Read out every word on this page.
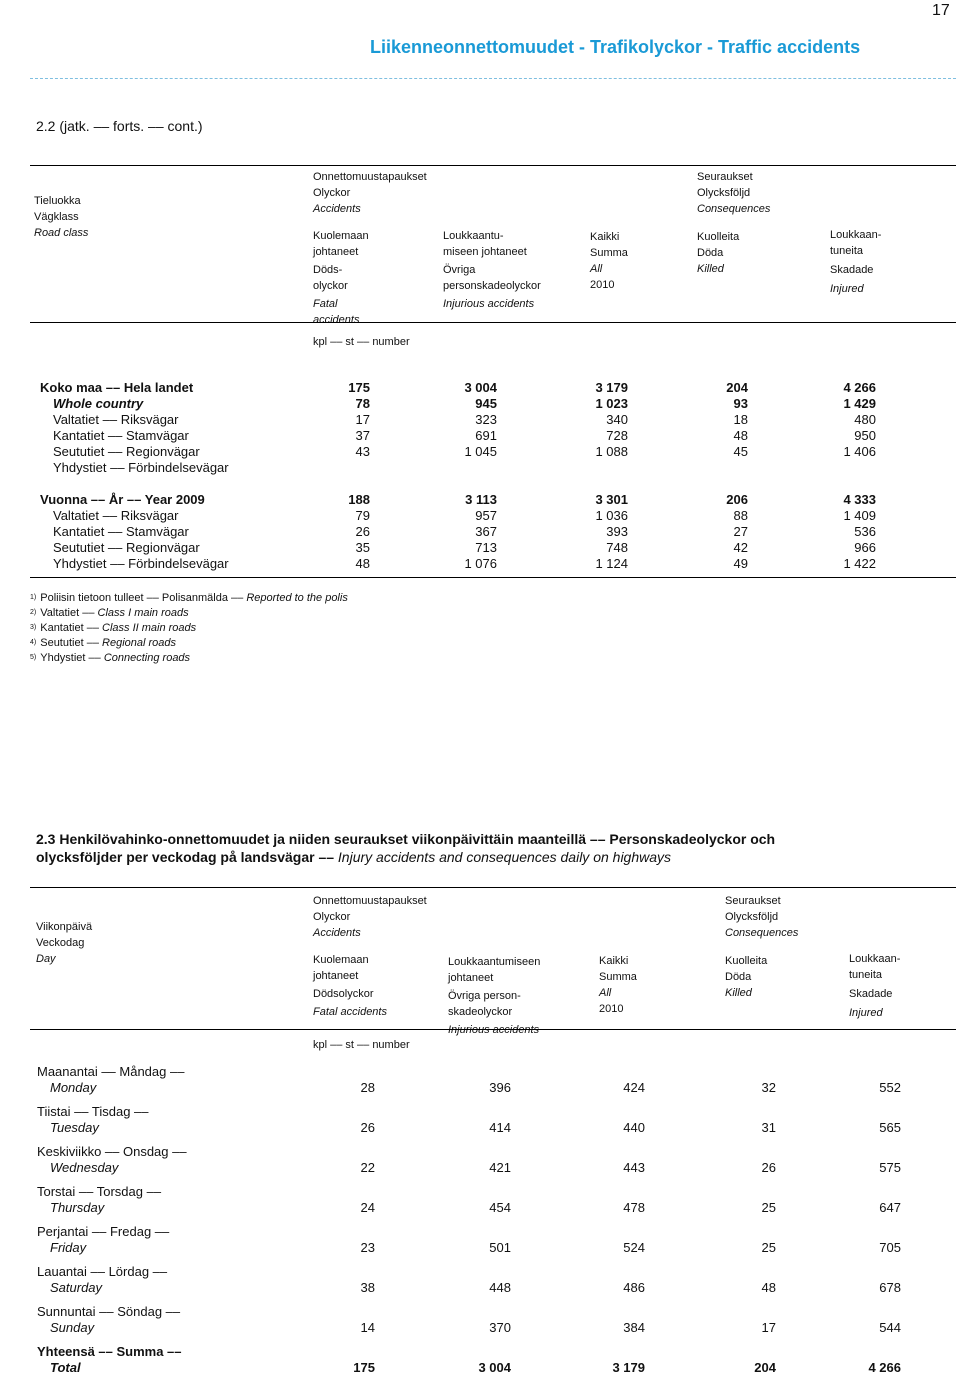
17
Liikenneonnettomuudet - Trafikolyckor - Traffic accidents
2.2 (jatk. –– forts. –– cont.)
Tieluokka
Vägklass
Road class
Onnettomuustapaukset
Olyckor
Accidents
Seuraukset
Olycksföljd
Consequences
Kuolemaan
johtaneet
Döds-
olyckor
Fatal
accidents
Loukkaantu-
miseen johtaneet
Övriga
personskadeolyckor
Injurious accidents
Kaikki
Summa
All
2010
Kuolleita
Döda
Killed
Loukkaan-
tuneita
Skadade
Injured
kpl –– st –– number
Koko maa –– Hela landet	175	3 004	3 179	204	4 266
Whole country	78	945	1 023	93	1 429
Valtatiet –– Riksvägar	17	323	340	18	480
Kantatiet –– Stamvägar	37	691	728	48	950
Seututiet –– Regionvägar	43	1 045	1 088	45	1 406
Yhdystiet –– Förbindelsevägar
Vuonna –– År –– Year 2009	188	3 113	3 301	206	4 333
Valtatiet –– Riksvägar	79	957	1 036	88	1 409
Kantatiet –– Stamvägar	26	367	393	27	536
Seututiet –– Regionvägar	35	713	748	42	966
Yhdystiet –– Förbindelsevägar	48	1 076	1 124	49	1 422
$^{1)}$ Poliisin tietoon tulleet –– Polisanmälda –– Reported to the polis
$^{2)}$ Valtatiet –– Class I main roads
$^{3)}$ Kantatiet –– Class II main roads
$^{4)}$ Seututiet –– Regional roads
$^{5)}$ Yhdystiet –– Connecting roads
2.3 Henkilövahinko-onnettomuudet ja niiden seuraukset viikonpäivittäin maanteillä –– Personskadeolyckor och olycksföljder per veckodag på landsvägar –– Injury accidents and consequences daily on highways
Viikonpäivä
Veckodag
Day
Onnettomuustapaukset
Olyckor
Accidents
Seuraukset
Olycksföljd
Consequences
Kuolemaan
johtaneet
Dödsolyckor
Fatal accidents
Loukkaantumiseen
johtaneet
Övriga person-
skadeolyckor
Injurious accidents
Kaikki
Summa
All
2010
Kuolleita
Döda
Killed
Loukkaan-
tuneita
Skadade
Injured
kpl –– st –– number
Maanantai –– Måndag ––
Monday	28	396	424	32	552
Tiistai –– Tisdag ––
Tuesday	26	414	440	31	565
Keskiviikko –– Onsdag ––
Wednesday	22	421	443	26	575
Torstai –– Torsdag ––
Thursday	24	454	478	25	647
Perjantai –– Fredag ––
Friday	23	501	524	25	705
Lauantai –– Lördag ––
Saturday	38	448	486	48	678
Sunnuntai –– Söndag ––
Sunday	14	370	384	17	544
Yhteensä –– Summa ––
Total	175	3 004	3 179	204	4 266
